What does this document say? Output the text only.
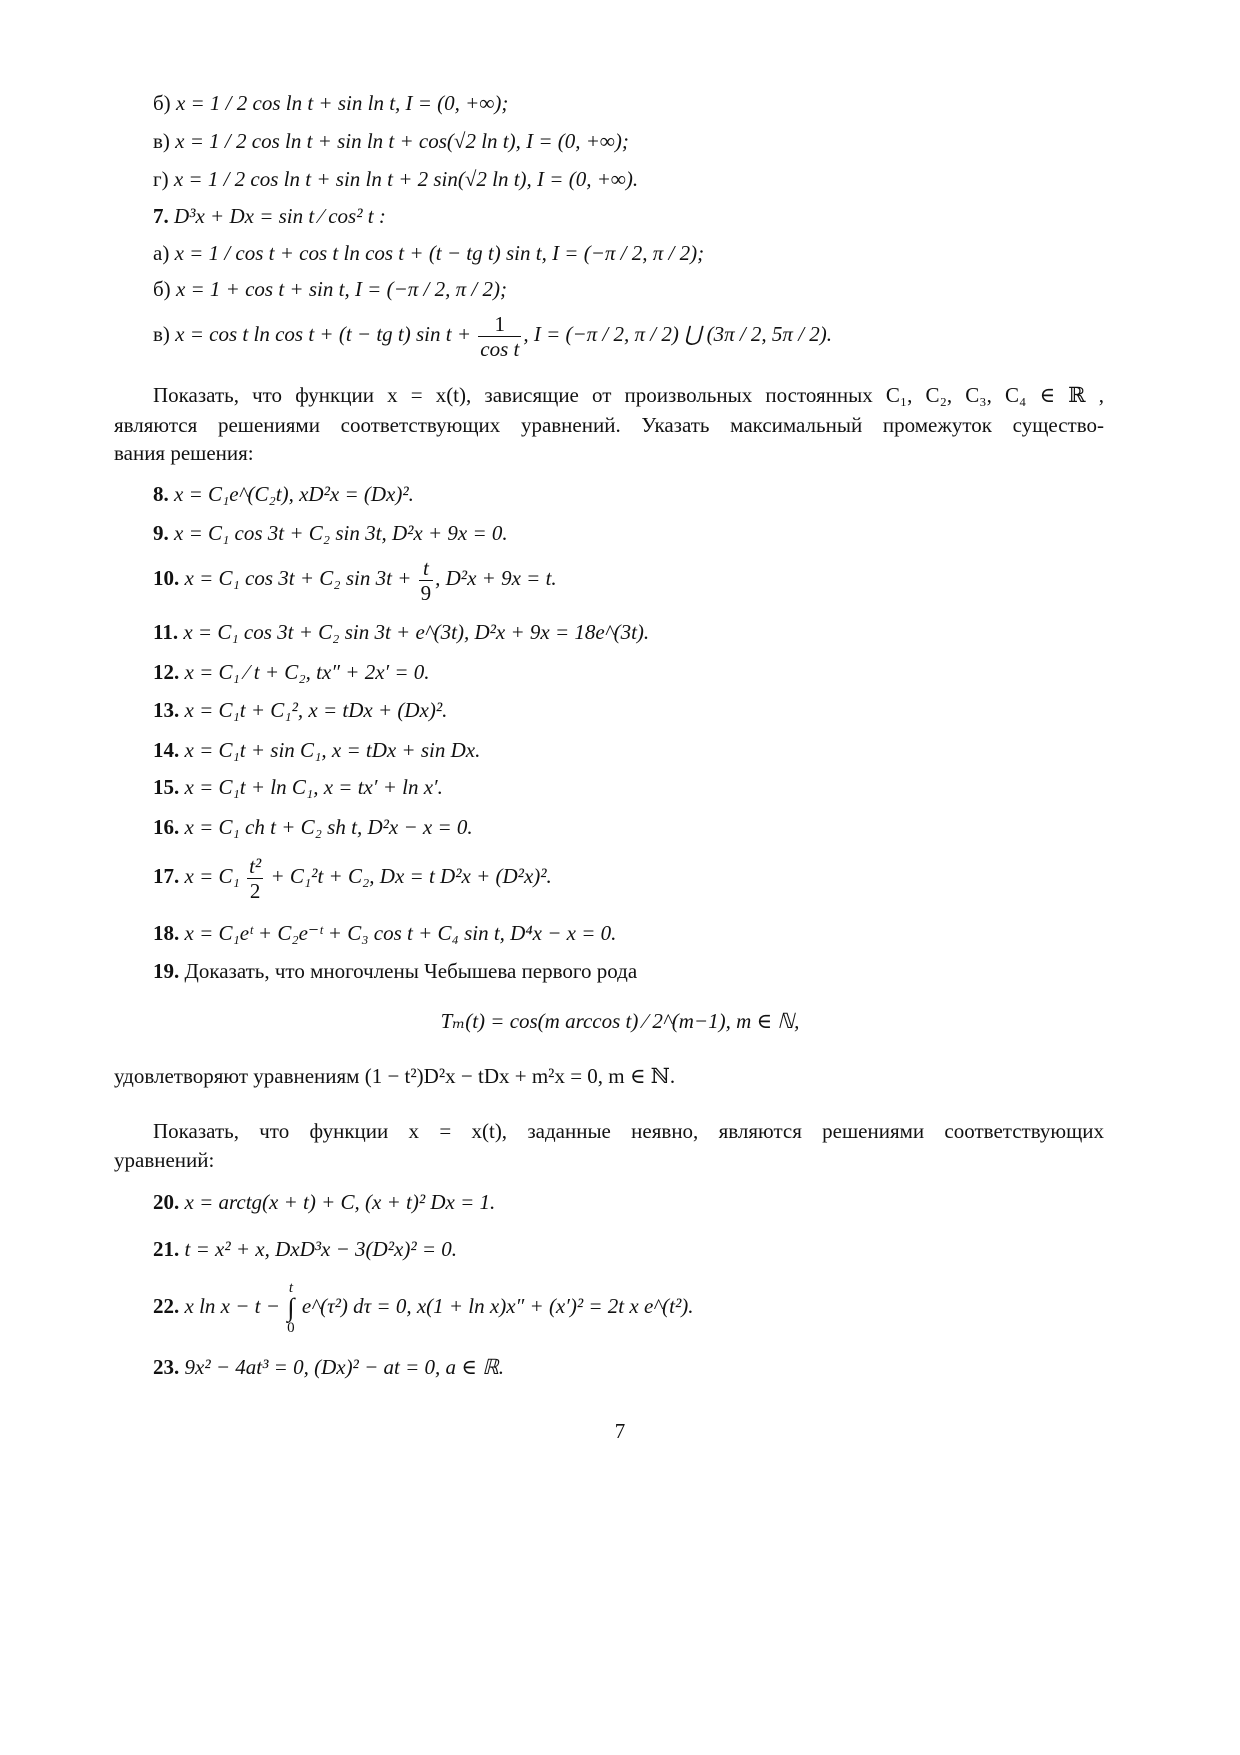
б) x = 1 / 2 cos ln t + sin ln t, I = (0, +∞);
в) x = 1 / 2 cos ln t + sin ln t + cos(√2 ln t), I = (0, +∞);
г) x = 1 / 2 cos ln t + sin ln t + 2 sin(√2 ln t), I = (0, +∞).
7. D³x + Dx = sin t ⁄ cos² t :
а) x = 1 / cos t + cos t ln cos t + (t − tg t) sin t, I = (−π / 2, π / 2);
б) x = 1 + cos t + sin t, I = (−π / 2, π / 2);
в) x = cos t ln cos t + (t − tg t) $\sin t + \frac{1}{\text{cos t}}$ , I = (−π / 2, π / 2) ⋃ (3π / 2, 5π / 2).
Показать, что функции x = x(t), зависящие от произвольных постоянных C₁, C₂, C₃, C₄ ∈ ℝ ,
являются решениями соответствующих уравнений. Указать максимальный промежуток существо-
вания решения:
8. x = C₁e^(C₂t), xD²x = (Dx)².
9. x = C₁ cos 3t + C₂ sin 3t, D²x + 9x = 0.
10. x = C₁ cos 3t + C₂ $\sin 3t + \frac{t}{9}$ , D²x + 9x = t.
11. x = C₁ cos 3t + C₂ sin 3t + e^(3t), D²x + 9x = 18e^(3t).
12. x = C₁ ⁄ t + C₂, tx″ + 2x′ = 0.
13. x = C₁t + C₁², x = tDx + (Dx)².
14. x = C₁t + sin C₁, x = tDx + sin Dx.
15. x = C₁t + ln C₁, x = tx′ + ln x′.
16. x = C₁ ch t + C₂ sh t, D²x − x = 0.
17. $x = C_1 \frac{\text{t²}}{2} + C_1^2t + C_2$, Dx = t D²x + (D²x)².
18. x = C₁eᵗ + C₂e⁻ᵗ + C₃ cos t + C₄ sin t, D⁴x − x = 0.
19. Доказать, что многочлены Чебышева первого рода
Tₘ(t) = cos(m arccos t) ⁄ 2^(m−1), m ∈ ℕ,
удовлетворяют уравнениям (1 − t²)D²x − tDx + m²x = 0, m ∈ ℕ.
Показать, что функции x = x(t), заданные неявно, являются решениями соответствующих
уравнений:
20. x = arctg(x + t) + C, (x + t)² Dx = 1.
21. t = x² + x, DxD³x − 3(D²x)² = 0.
22. x ln x − t − t
∫
0 e^(τ²) dτ = 0, x(1 + ln x)x″ + (x′)² = 2t x e^(t²).
23. 9x² − 4at³ = 0, (Dx)² − at = 0, a ∈ ℝ.
7
